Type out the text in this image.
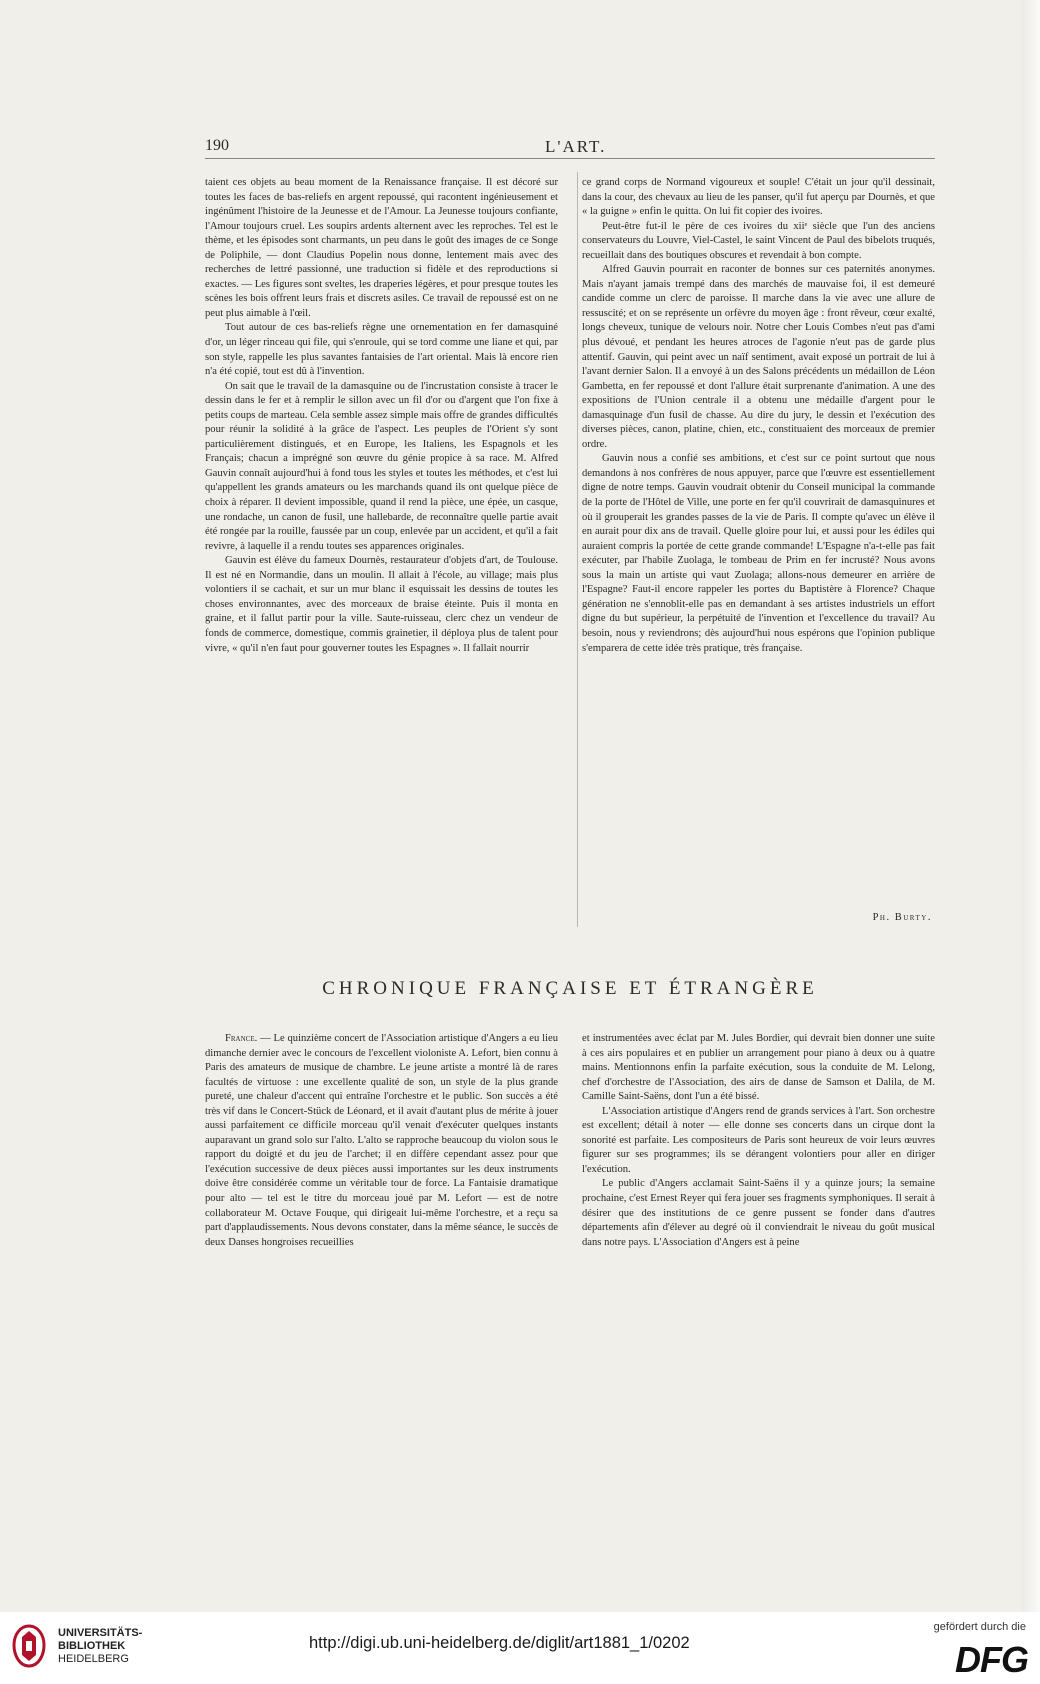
190	L'ART.

taient ces objets au beau moment de la Renaissance française. Il est décoré sur toutes les faces de bas-reliefs en argent repoussé, qui racontent ingénieusement et ingénûment l'histoire de la Jeunesse et de l'Amour. La Jeunesse toujours confiante, l'Amour toujours cruel. Les soupirs ardents alternent avec les reproches. Tel est le thème, et les épisodes sont charmants, un peu dans le goût des images de ce Songe de Poliphile, — dont Claudius Popelin nous donne, lentement mais avec des recherches de lettré passionné, une traduction si fidèle et des reproductions si exactes. — Les figures sont sveltes, les draperies légères, et pour presque toutes les scènes les bois offrent leurs frais et discrets asiles. Ce travail de repoussé est on ne peut plus aimable à l'œil.

Tout autour de ces bas-reliefs règne une ornementation en fer damasquiné d'or, un léger rinceau qui file, qui s'enroule, qui se tord comme une liane et qui, par son style, rappelle les plus savantes fantaisies de l'art oriental. Mais là encore rien n'a été copié, tout est dû à l'invention.

On sait que le travail de la damasquine ou de l'incrustation consiste à tracer le dessin dans le fer et à remplir le sillon avec un fil d'or ou d'argent que l'on fixe à petits coups de marteau. Cela semble assez simple mais offre de grandes difficultés pour réunir la solidité à la grâce de l'aspect. Les peuples de l'Orient s'y sont particulièrement distingués, et en Europe, les Italiens, les Espagnols et les Français; chacun a imprégné son œuvre du génie propice à sa race. M. Alfred Gauvin connaît aujourd'hui à fond tous les styles et toutes les méthodes, et c'est lui qu'appellent les grands amateurs ou les marchands quand ils ont quelque pièce de choix à réparer. Il devient impossible, quand il rend la pièce, une épée, un casque, une rondache, un canon de fusil, une hallebarde, de reconnaître quelle partie avait été rongée par la rouille, faussée par un coup, enlevée par un accident, et qu'il a fait revivre, à laquelle il a rendu toutes ses apparences originales.

Gauvin est élève du fameux Dournès, restaurateur d'objets d'art, de Toulouse. Il est né en Normandie, dans un moulin. Il allait à l'école, au village; mais plus volontiers il se cachait, et sur un mur blanc il esquissait les dessins de toutes les choses environnantes, avec des morceaux de braise éteinte. Puis il monta en graine, et il fallut partir pour la ville. Saute-ruisseau, clerc chez un vendeur de fonds de commerce, domestique, commis grainetier, il déploya plus de talent pour vivre, « qu'il n'en faut pour gouverner toutes les Espagnes ». Il fallait nourrir

ce grand corps de Normand vigoureux et souple! C'était un jour qu'il dessinait, dans la cour, des chevaux au lieu de les panser, qu'il fut aperçu par Dournès, et que « la guigne » enfin le quitta. On lui fit copier des ivoires.

Peut-être fut-il le père de ces ivoires du xiiᵉ siècle que l'un des anciens conservateurs du Louvre, Viel-Castel, le saint Vincent de Paul des bibelots truqués, recueillait dans des boutiques obscures et revendait à bon compte.

Alfred Gauvin pourrait en raconter de bonnes sur ces paternités anonymes. Mais n'ayant jamais trempé dans des marchés de mauvaise foi, il est demeuré candide comme un clerc de paroisse. Il marche dans la vie avec une allure de ressuscité; et on se représente un orfèvre du moyen âge : front rêveur, cœur exalté, longs cheveux, tunique de velours noir. Notre cher Louis Combes n'eut pas d'ami plus dévoué, et pendant les heures atroces de l'agonie n'eut pas de garde plus attentif. Gauvin, qui peint avec un naïf sentiment, avait exposé un portrait de lui à l'avant dernier Salon. Il a envoyé à un des Salons précédents un médaillon de Léon Gambetta, en fer repoussé et dont l'allure était surprenante d'animation. A une des expositions de l'Union centrale il a obtenu une médaille d'argent pour le damasquinage d'un fusil de chasse. Au dire du jury, le dessin et l'exécution des diverses pièces, canon, platine, chien, etc., constituaient des morceaux de premier ordre.

Gauvin nous a confié ses ambitions, et c'est sur ce point surtout que nous demandons à nos confrères de nous appuyer, parce que l'œuvre est essentiellement digne de notre temps. Gauvin voudrait obtenir du Conseil municipal la commande de la porte de l'Hôtel de Ville, une porte en fer qu'il couvrirait de damasquinures et où il grouperait les grandes passes de la vie de Paris. Il compte qu'avec un élève il en aurait pour dix ans de travail. Quelle gloire pour lui, et aussi pour les édiles qui auraient compris la portée de cette grande commande! L'Espagne n'a-t-elle pas fait exécuter, par l'habile Zuolaga, le tombeau de Prim en fer incrusté? Nous avons sous la main un artiste qui vaut Zuolaga; allons-nous demeurer en arrière de l'Espagne? Faut-il encore rappeler les portes du Baptistère à Florence? Chaque génération ne s'ennoblit-elle pas en demandant à ses artistes industriels un effort digne du but supérieur, la perpétuité de l'invention et l'excellence du travail? Au besoin, nous y reviendrons; dès aujourd'hui nous espérons que l'opinion publique s'emparera de cette idée très pratique, très française.

Ph. Burty.
CHRONIQUE FRANÇAISE ET ÉTRANGÈRE

France. — Le quinzième concert de l'Association artistique d'Angers a eu lieu dimanche dernier avec le concours de l'excellent violoniste A. Lefort, bien connu à Paris des amateurs de musique de chambre. Le jeune artiste a montré là de rares facultés de virtuose : une excellente qualité de son, un style de la plus grande pureté, une chaleur d'accent qui entraîne l'orchestre et le public. Son succès a été très vif dans le Concert-Stück de Léonard, et il avait d'autant plus de mérite à jouer aussi parfaitement ce difficile morceau qu'il venait d'exécuter quelques instants auparavant un grand solo sur l'alto. L'alto se rapproche beaucoup du violon sous le rapport du doigté et du jeu de l'archet; il en diffère cependant assez pour que l'exécution successive de deux pièces aussi importantes sur les deux instruments doive être considérée comme un véritable tour de force. La Fantaisie dramatique pour alto — tel est le titre du morceau joué par M. Lefort — est de notre collaborateur M. Octave Fouque, qui dirigeait lui-même l'orchestre, et a reçu sa part d'applaudissements. Nous devons constater, dans la même séance, le succès de deux Danses hongroises recueillies

et instrumentées avec éclat par M. Jules Bordier, qui devrait bien donner une suite à ces airs populaires et en publier un arrangement pour piano à deux ou à quatre mains. Mentionnons enfin la parfaite exécution, sous la conduite de M. Lelong, chef d'orchestre de l'Association, des airs de danse de Samson et Dalila, de M. Camille Saint-Saëns, dont l'un a été bissé.

L'Association artistique d'Angers rend de grands services à l'art. Son orchestre est excellent; détail à noter — elle donne ses concerts dans un cirque dont la sonorité est parfaite. Les compositeurs de Paris sont heureux de voir leurs œuvres figurer sur ses programmes; ils se dérangent volontiers pour aller en diriger l'exécution.

Le public d'Angers acclamait Saint-Saëns il y a quinze jours; la semaine prochaine, c'est Ernest Reyer qui fera jouer ses fragments symphoniques. Il serait à désirer que des institutions de ce genre pussent se fonder dans d'autres départements afin d'élever au degré où il conviendrait le niveau du goût musical dans notre pays. L'Association d'Angers est à peine

UNIVERSITÄTS-
BIBLIOTHEK
HEIDELBERG
http://digi.ub.uni-heidelberg.de/diglit/art1881_1/0202
gefördert durch die
DFG
